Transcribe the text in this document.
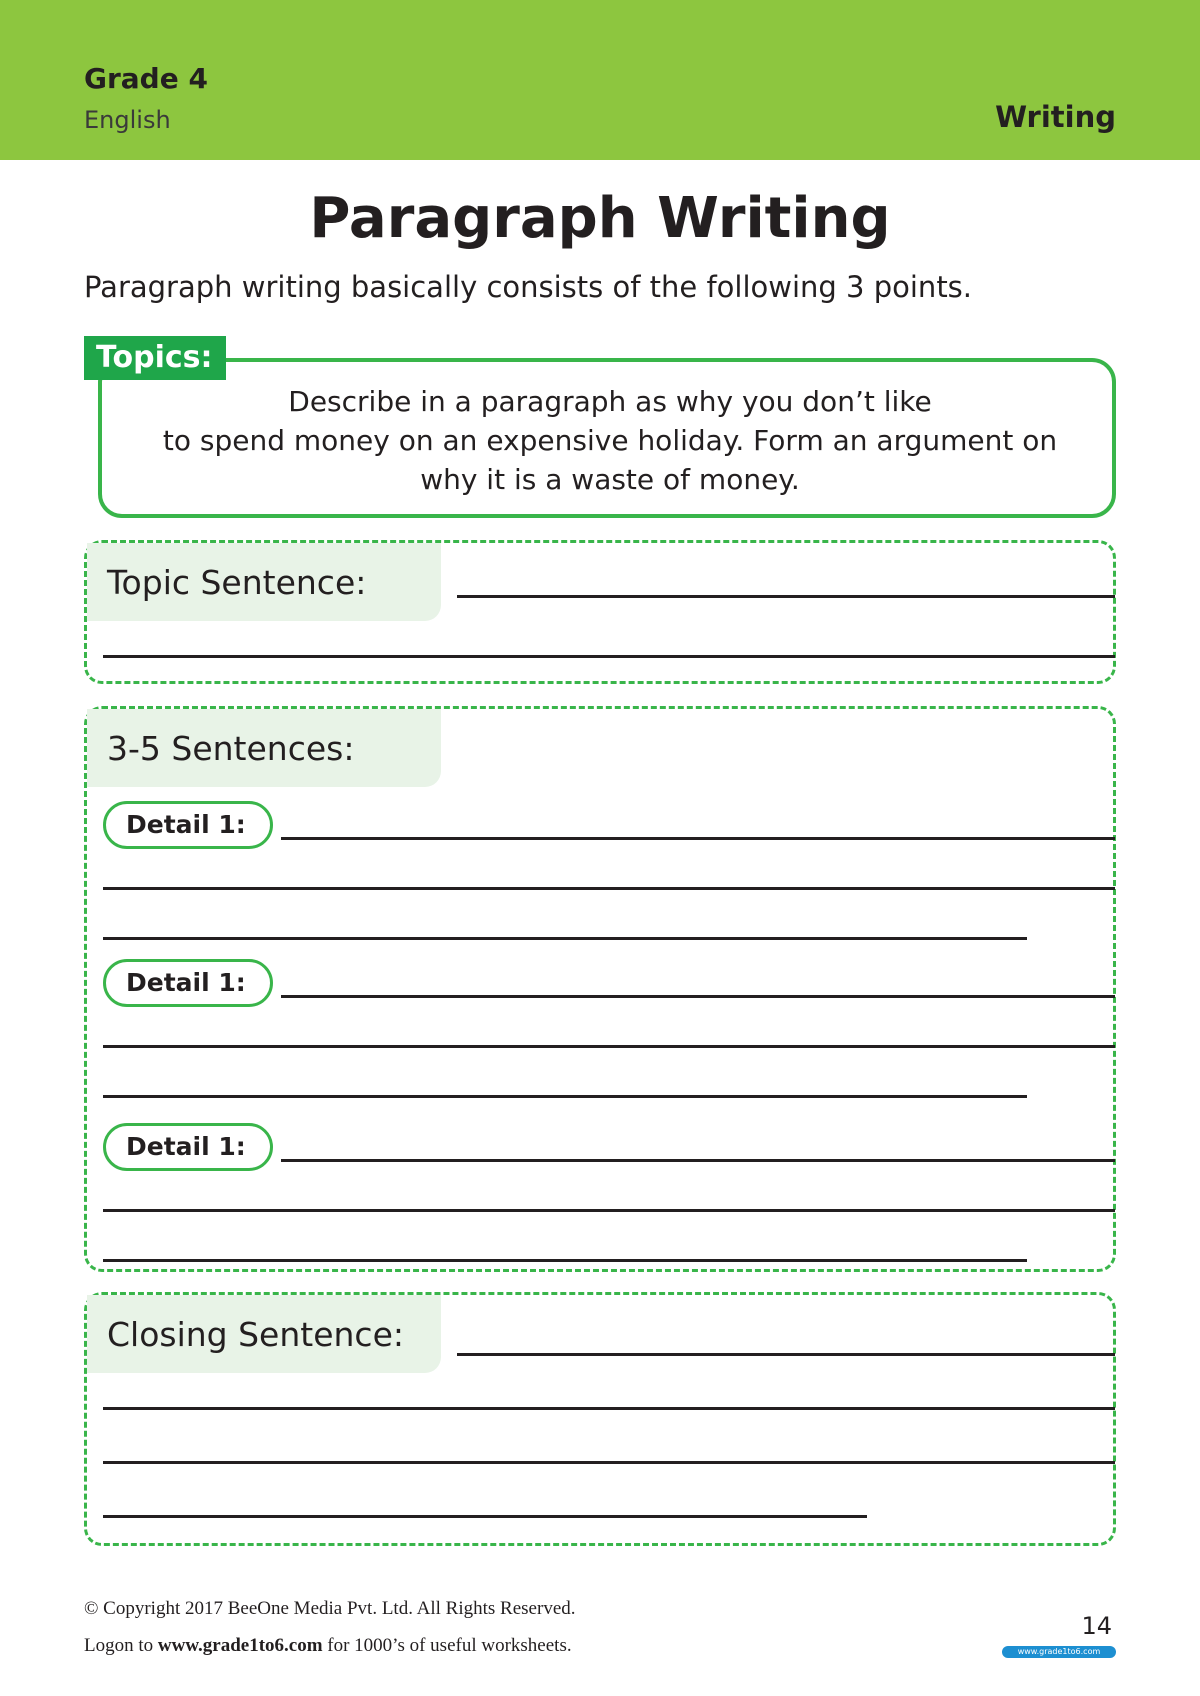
Grade 4
English	Writing
Paragraph Writing
Paragraph writing basically consists of the following 3 points.
Describe in a paragraph as why you don’t like
to spend money on an expensive holiday. Form an argument on
why it is a waste of money.
Topics:
Topic Sentence:
3-5 Sentences:
Detail 1:
Detail 1:
Detail 1:
Closing Sentence:
© Copyright 2017 BeeOne Media Pvt. Ltd. All Rights Reserved.
Logon to www.grade1to6.com for 1000’s of useful worksheets.
14
www.grade1to6.com
